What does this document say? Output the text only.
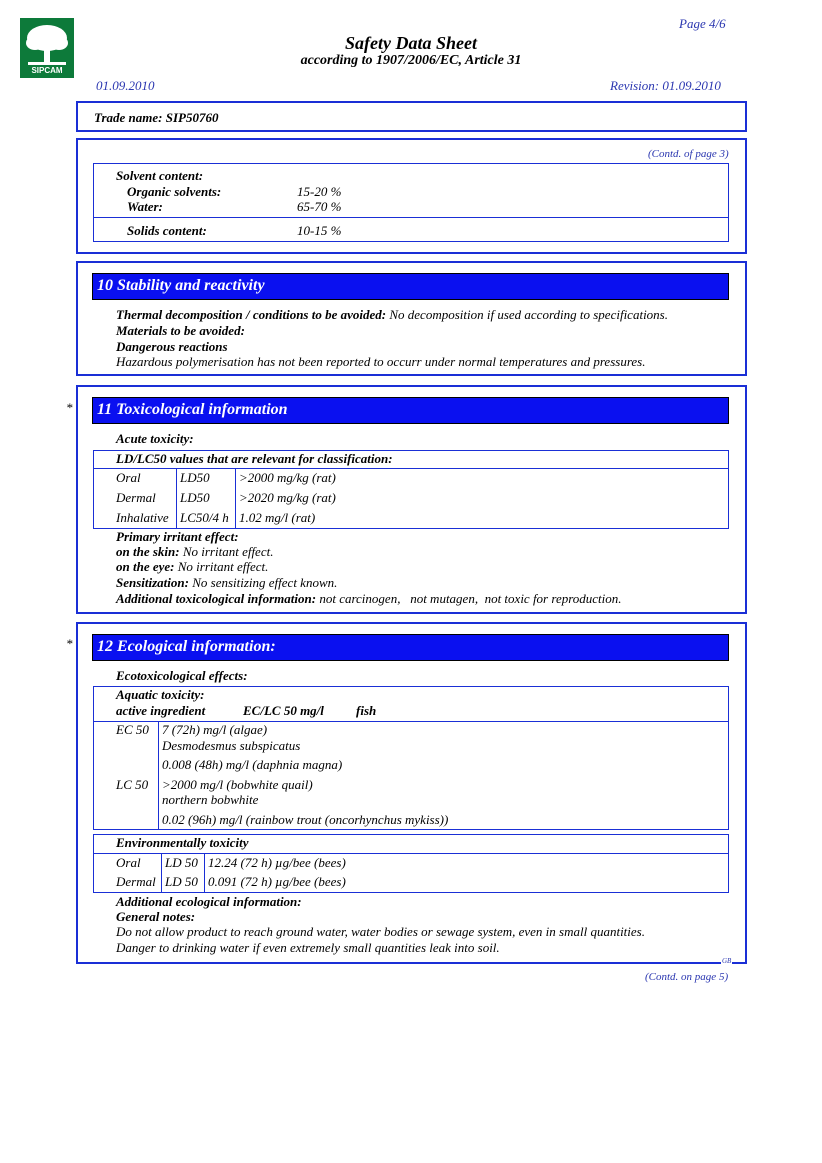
SIPCAM
Page 4/6
Safety Data Sheet
according to 1907/2006/EC, Article 31
01.09.2010	Revision: 01.09.2010
Trade name: SIP50760
(Contd. of page 3)
Solvent content:
Organic solvents:	15-20 %
Water:	65-70 %
Solids content:	10-15 %
10 Stability and reactivity
Thermal decomposition / conditions to be avoided: No decomposition if used according to specifications.
Materials to be avoided:
Dangerous reactions
Hazardous polymerisation has not been reported to occurr under normal temperatures and pressures.
*	11 Toxicological information
Acute toxicity:
LD/LC50 values that are relevant for classification:
Oral	LD50 >2000 mg/kg (rat)
Dermal LD50 >2020 mg/kg (rat)
Inhalative LC50/4 h 1.02 mg/l (rat)
Primary irritant effect:
on the skin: No irritant effect.
on the eye: No irritant effect.
Sensitization: No sensitizing effect known.
Additional toxicological information: not carcinogen,   not mutagen,  not toxic for reproduction.
*	12 Ecological information:
Ecotoxicological effects:
Aquatic toxicity:
active ingredient	EC/LC 50 mg/l fish
EC 50 7 (72h) mg/l (algae)
Desmodesmus subspicatus
0.008 (48h) mg/l (daphnia magna)
LC 50 >2000 mg/l (bobwhite quail)
northern bobwhite
0.02 (96h) mg/l (rainbow trout (oncorhynchus mykiss))
Environmentally toxicity
Oral LD 50 12.24 (72 h) µg/bee (bees)
Dermal LD 50 0.091 (72 h) µg/bee (bees)
Additional ecological information:
General notes:
Do not allow product to reach ground water, water bodies or sewage system, even in small quantities.
Danger to drinking water if even extremely small quantities leak into soil.
GB
(Contd. on page 5)
